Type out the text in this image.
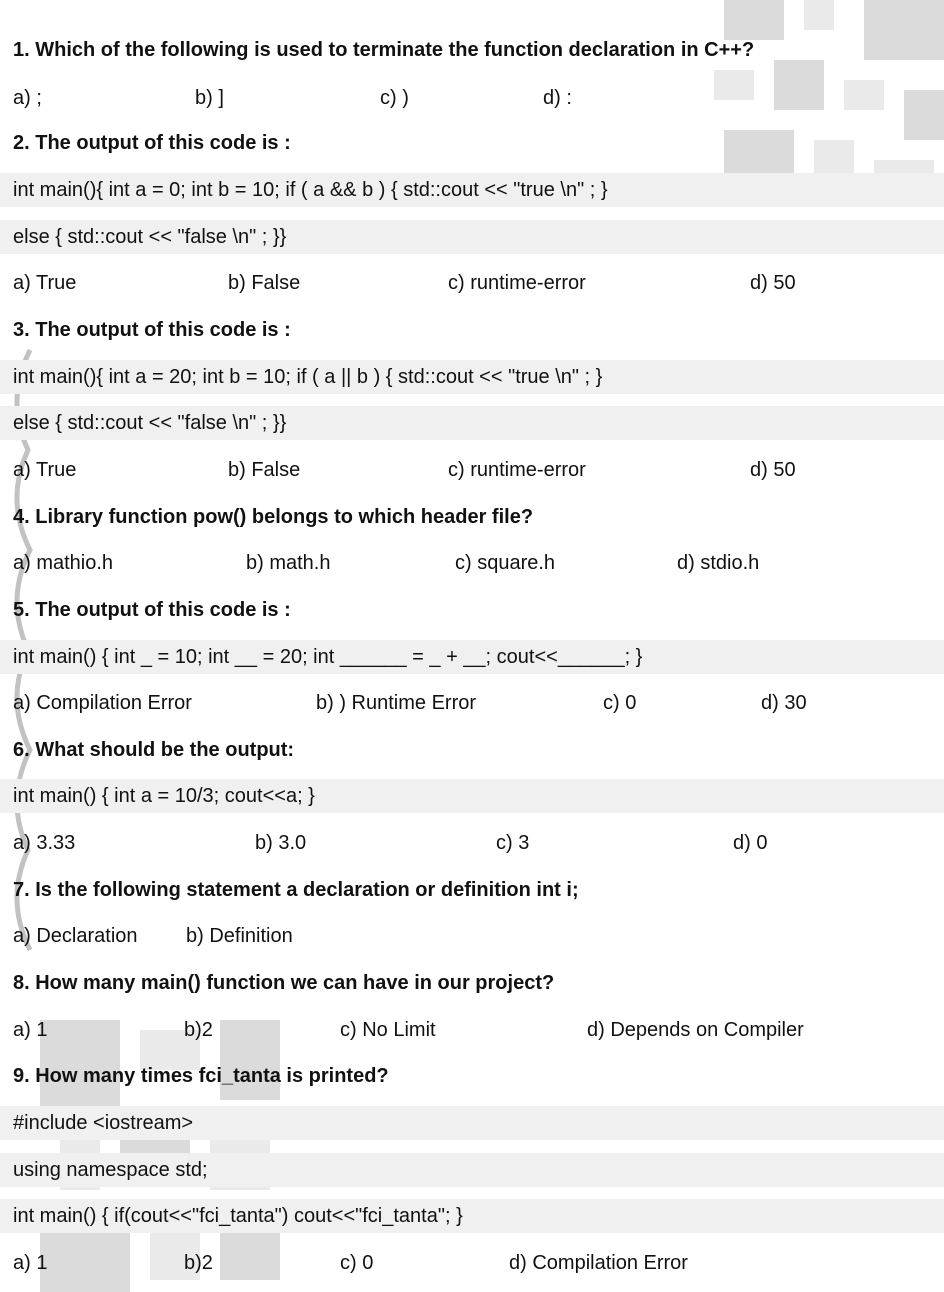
1. Which of the following is used to terminate the function declaration in C++?
a) ;	b) ]	c) )	d) :
2. The output of this code is :
int main(){ int a = 0; int b = 10; if ( a && b ) { std::cout << "true \n" ; }
else { std::cout << "false \n" ; }}
a) True	b) False	c) runtime-error	d) 50
3. The output of this code is :
int main(){ int a = 20; int b = 10; if ( a || b ) { std::cout << "true \n" ; }
else { std::cout << "false \n" ; }}
a) True	b) False	c) runtime-error	d) 50
4. Library function pow() belongs to which header file?
a) mathio.h	b) math.h	c) square.h	d) stdio.h
5. The output of this code is :
int main() { int _ = 10; int __ = 20; int ______ = _ + __; cout<<______; }
a) Compilation Error	b) ) Runtime Error	c) 0	d) 30
6. What should be the output:
int main() { int a = 10/3; cout<<a; }
a) 3.33	b) 3.0	c) 3	d) 0
7. Is the following statement a declaration or definition int i;
a) Declaration b) Definition
8. How many main() function we can have in our project?
a) 1	b)2	c) No Limit	d) Depends on Compiler
9. How many times fci_tanta is printed?
#include <iostream>
using namespace std;
int main() { if(cout<<"fci_tanta") cout<<"fci_tanta"; }
a) 1	b)2	c) 0	d) Compilation Error
